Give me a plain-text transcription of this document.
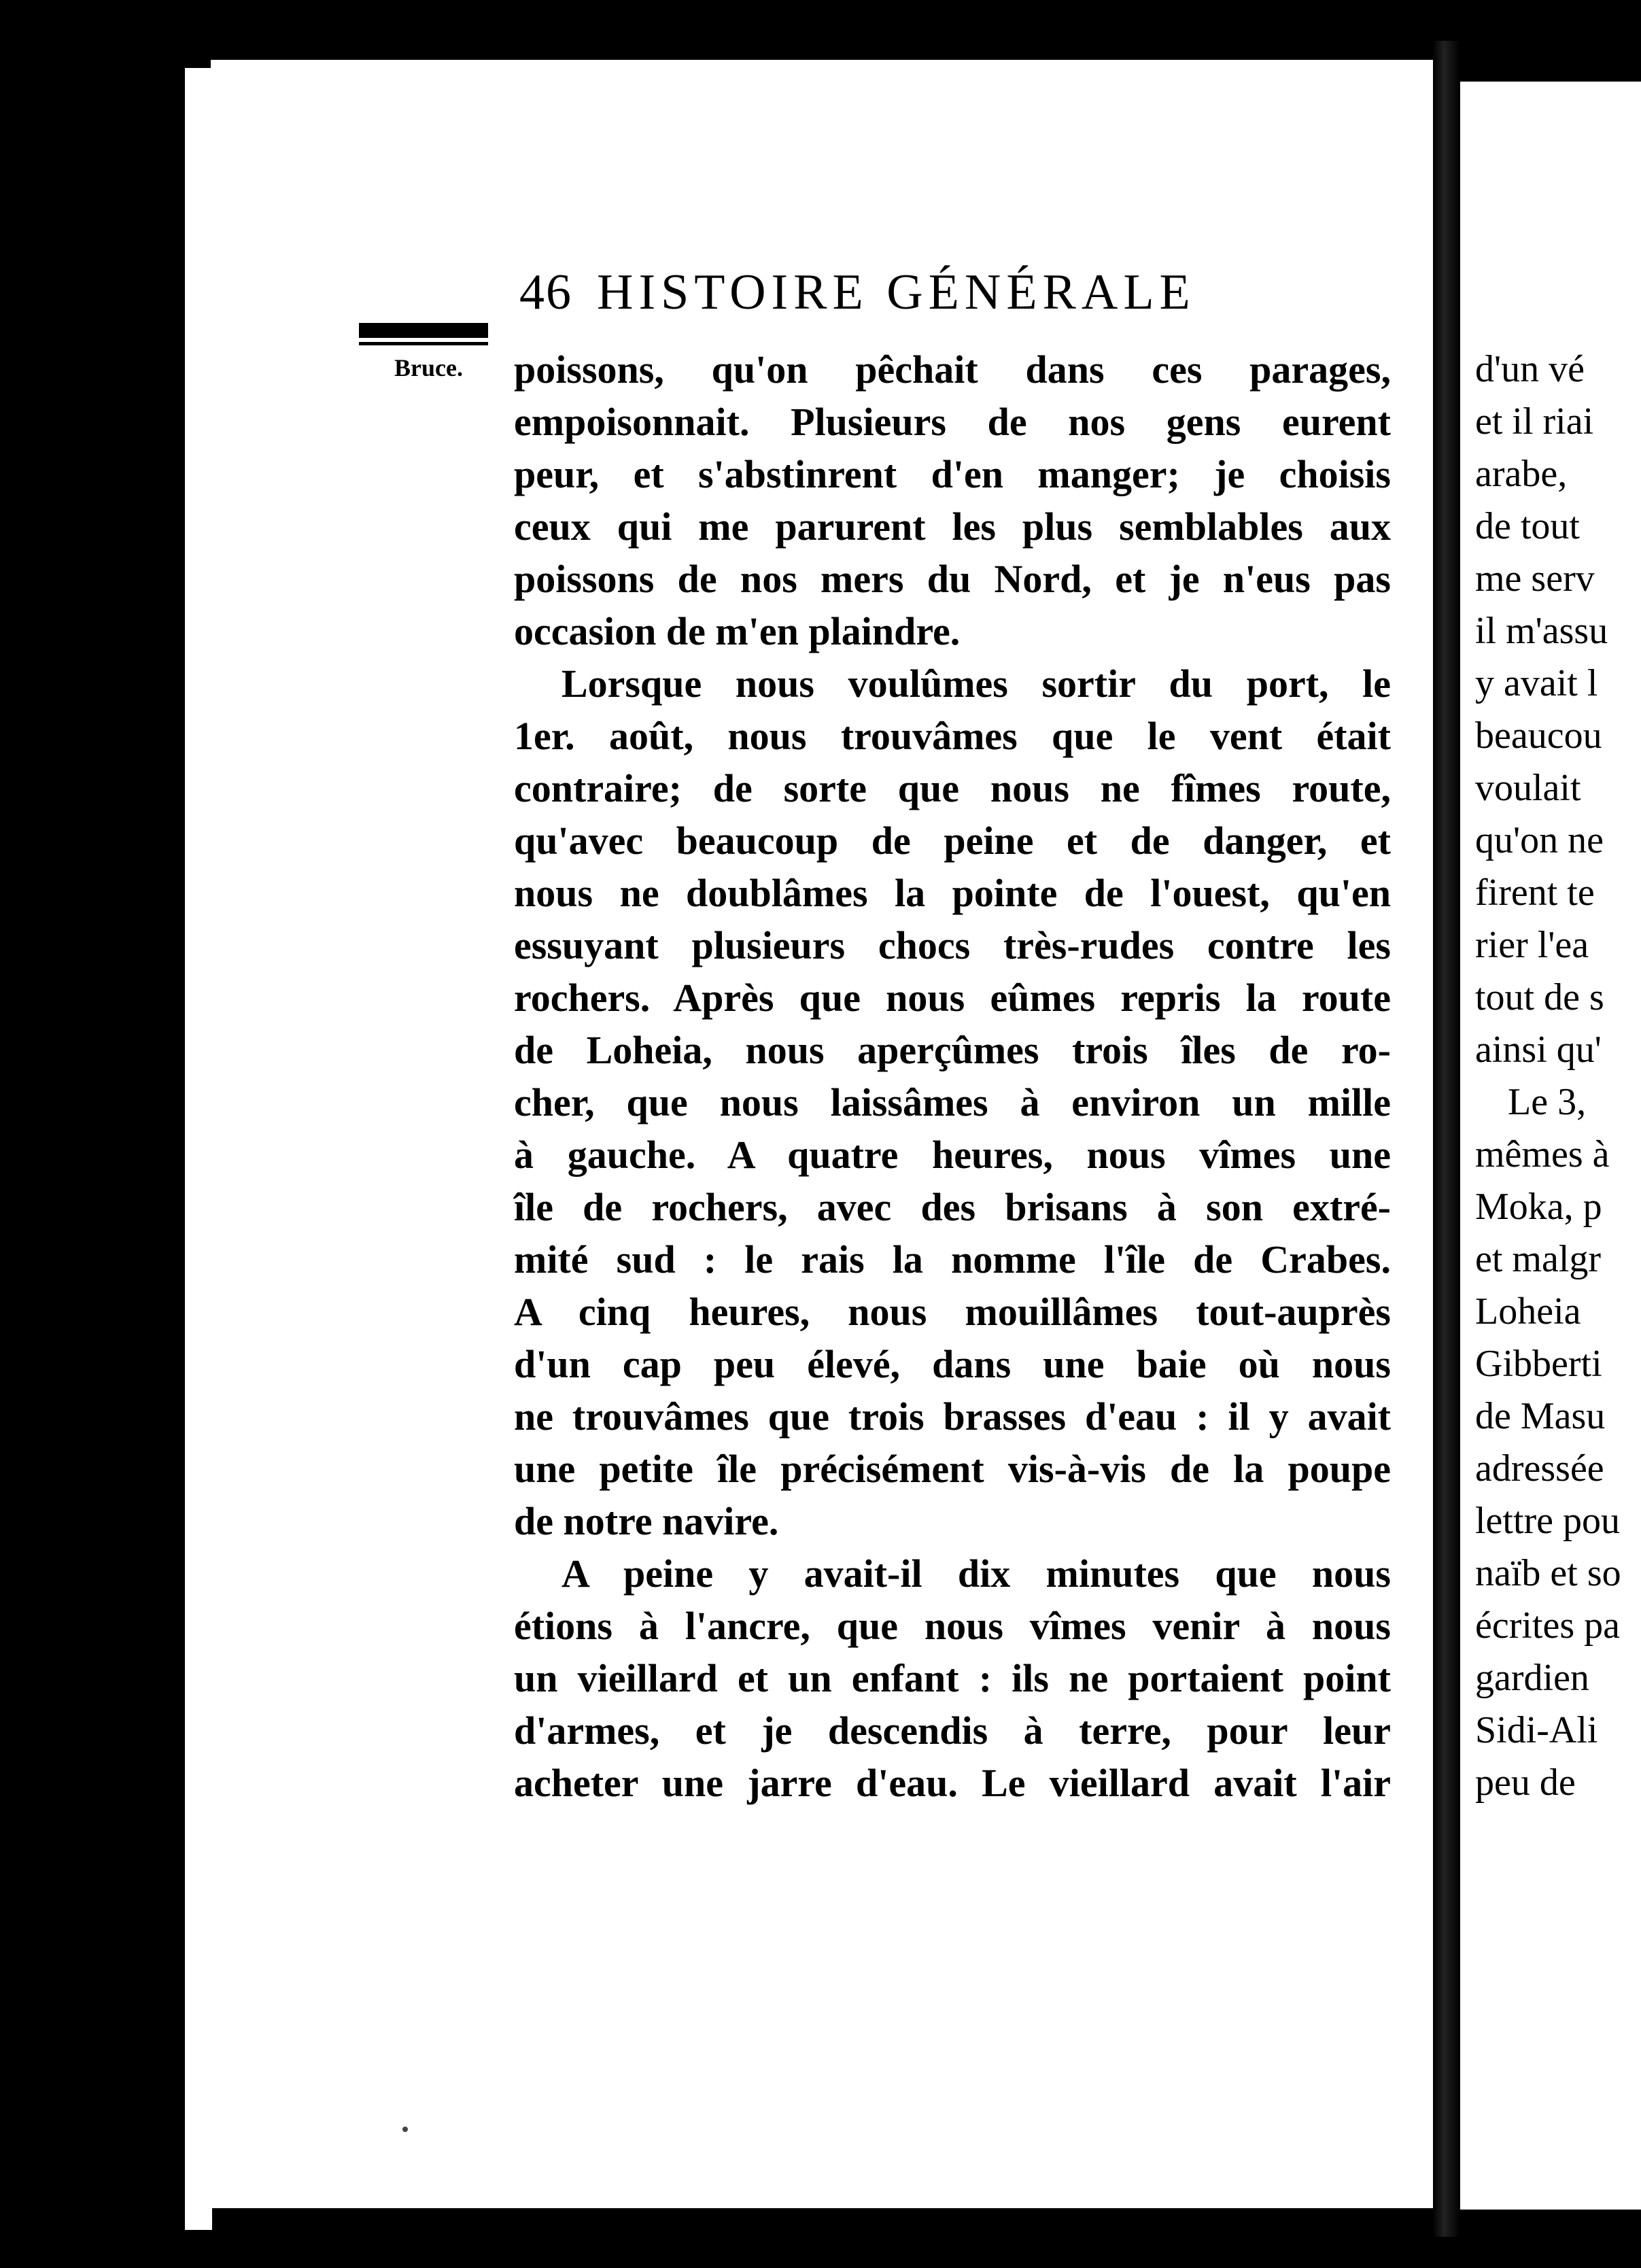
Bruce.
46 HISTOIRE GÉNÉRALE
poissons, qu'on pêchait dans ces parages,
empoisonnait. Plusieurs de nos gens eurent
peur, et s'abstinrent d'en manger; je choisis
ceux qui me parurent les plus semblables aux
poissons de nos mers du Nord, et je n'eus pas
occasion de m'en plaindre.
Lorsque nous voulûmes sortir du port, le
1er. août, nous trouvâmes que le vent était
contraire; de sorte que nous ne fîmes route,
qu'avec beaucoup de peine et de danger, et
nous ne doublâmes la pointe de l'ouest, qu'en
essuyant plusieurs chocs très-rudes contre les
rochers. Après que nous eûmes repris la route
de Loheia, nous aperçûmes trois îles de ro-
cher, que nous laissâmes à environ un mille
à gauche. A quatre heures, nous vîmes une
île de rochers, avec des brisans à son extré-
mité sud : le rais la nomme l'île de Crabes.
A cinq heures, nous mouillâmes tout-auprès
d'un cap peu élevé, dans une baie où nous
ne trouvâmes que trois brasses d'eau : il y avait
une petite île précisément vis-à-vis de la poupe
de notre navire.
A peine y avait-il dix minutes que nous
étions à l'ancre, que nous vîmes venir à nous
un vieillard et un enfant : ils ne portaient point
d'armes, et je descendis à terre, pour leur
acheter une jarre d'eau. Le vieillard avait l'air
d'un vé
et il riai
arabe,
de tout
me serv
il m'assu
y avait l
beaucou
voulait
qu'on ne
firent te
rier l'ea
tout de s
ainsi qu'
Le 3,
mêmes à
Moka, p
et malgr
Loheia
Gibberti
de Masu
adressée
lettre pou
naïb et so
écrites pa
gardien
Sidi-Ali
peu de
